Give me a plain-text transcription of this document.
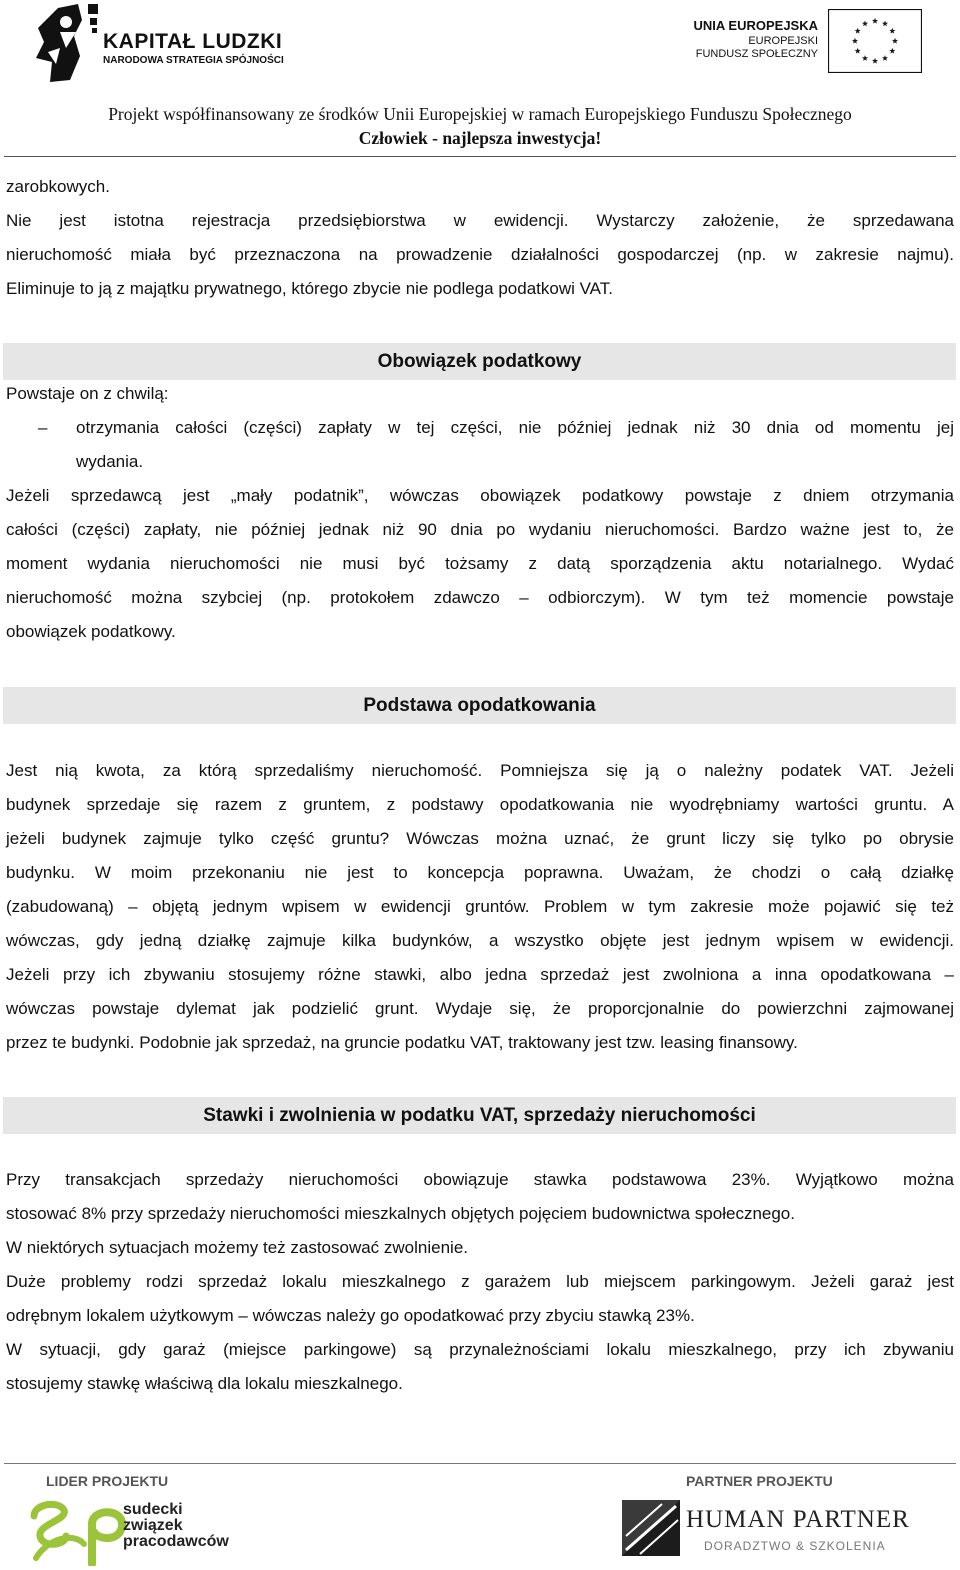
KAPITAŁ LUDZKI
NARODOWA STRATEGIA SPÓJNOŚCI
UNIA EUROPEJSKA
EUROPEJSKI
FUNDUSZ SPOŁECZNY
Projekt współfinansowany ze środków Unii Europejskiej w ramach Europejskiego Funduszu Społecznego
Człowiek - najlepsza inwestycja!
zarobkowych.
Nie jest istotna rejestracja przedsiębiorstwa w ewidencji. Wystarczy założenie, że sprzedawana
nieruchomość miała być przeznaczona na prowadzenie działalności gospodarczej (np. w zakresie najmu).
Eliminuje to ją z majątku prywatnego, którego zbycie nie podlega podatkowi VAT.
Obowiązek podatkowy
Powstaje on z chwilą:
– otrzymania całości (części) zapłaty w tej części, nie później jednak niż 30 dnia od momentu jej
wydania.
Jeżeli sprzedawcą jest „mały podatnik”, wówczas obowiązek podatkowy powstaje z dniem otrzymania
całości (części) zapłaty, nie później jednak niż 90 dnia po wydaniu nieruchomości. Bardzo ważne jest to, że
moment wydania nieruchomości nie musi być tożsamy z datą sporządzenia aktu notarialnego. Wydać
nieruchomość można szybciej (np. protokołem zdawczo – odbiorczym). W tym też momencie powstaje
obowiązek podatkowy.
Podstawa opodatkowania
Jest nią kwota, za którą sprzedaliśmy nieruchomość. Pomniejsza się ją o należny podatek VAT. Jeżeli
budynek sprzedaje się razem z gruntem, z podstawy opodatkowania nie wyodrębniamy wartości gruntu. A
jeżeli budynek zajmuje tylko część gruntu? Wówczas można uznać, że grunt liczy się tylko po obrysie
budynku. W moim przekonaniu nie jest to koncepcja poprawna. Uważam, że chodzi o całą działkę
(zabudowaną) – objętą jednym wpisem w ewidencji gruntów. Problem w tym zakresie może pojawić się też
wówczas, gdy jedną działkę zajmuje kilka budynków, a wszystko objęte jest jednym wpisem w ewidencji.
Jeżeli przy ich zbywaniu stosujemy różne stawki, albo jedna sprzedaż jest zwolniona a inna opodatkowana –
wówczas powstaje dylemat jak podzielić grunt. Wydaje się, że proporcjonalnie do powierzchni zajmowanej
przez te budynki. Podobnie jak sprzedaż, na gruncie podatku VAT, traktowany jest tzw. leasing finansowy.
Stawki i zwolnienia w podatku VAT, sprzedaży nieruchomości
Przy transakcjach sprzedaży nieruchomości obowiązuje stawka podstawowa 23%. Wyjątkowo można
stosować 8% przy sprzedaży nieruchomości mieszkalnych objętych pojęciem budownictwa społecznego.
W niektórych sytuacjach możemy też zastosować zwolnienie.
Duże problemy rodzi sprzedaż lokalu mieszkalnego z garażem lub miejscem parkingowym. Jeżeli garaż jest
odrębnym lokalem użytkowym – wówczas należy go opodatkować przy zbyciu stawką 23%.
W sytuacji, gdy garaż (miejsce parkingowe) są przynależnościami lokalu mieszkalnego, przy ich zbywaniu
stosujemy stawkę właściwą dla lokalu mieszkalnego.
LIDER PROJEKTU	PARTNER PROJEKTU
sudecki
związek
pracodawców
HUMAN PARTNER
DORADZTWO & SZKOLENIA
